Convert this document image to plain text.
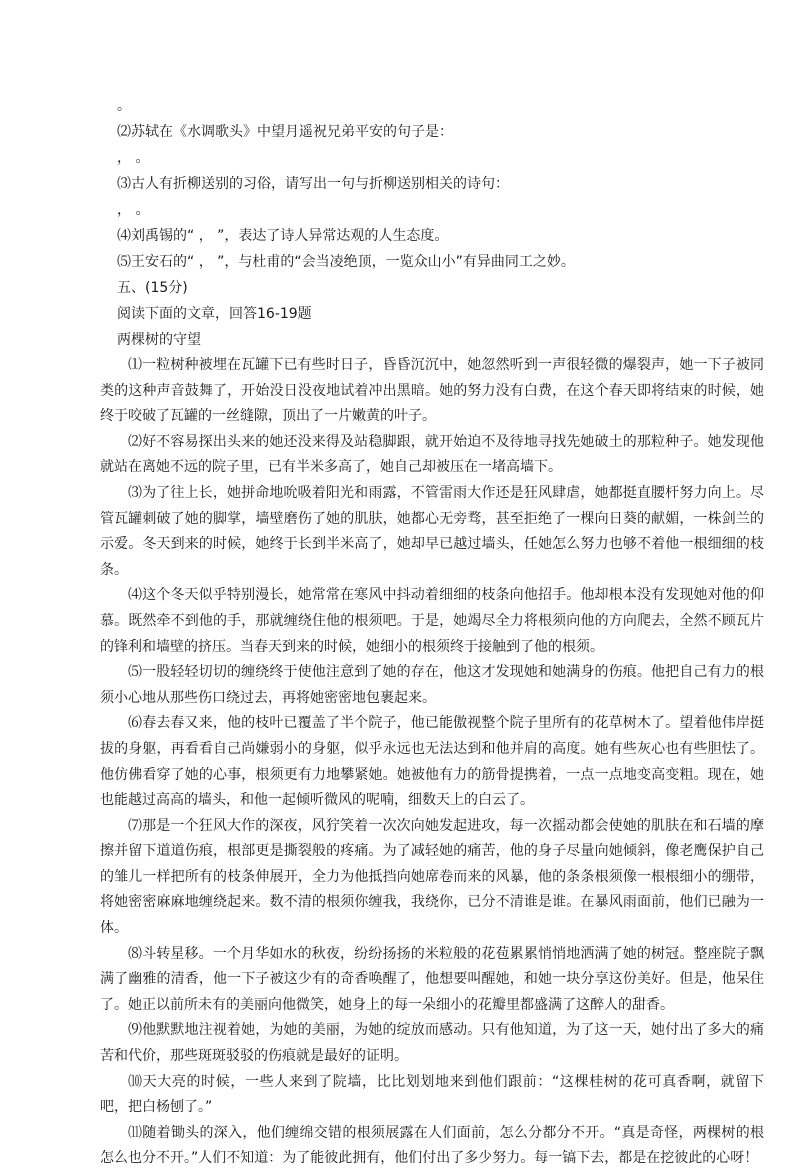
。

⑵苏轼在《水调歌头》中望月遥祝兄弟平安的句子是：

， 。

⑶古人有折柳送别的习俗，请写出一句与折柳送别相关的诗句：

， 。

⑷刘禹锡的“ ， ”，表达了诗人异常达观的人生态度。

⑸王安石的“ ， ”，与杜甫的“会当凌绝顶，一览众山小”有异曲同工之妙。

五、(15分)

阅读下面的文章，回答16-19题

两棵树的守望

⑴一粒树种被埋在瓦罐下已有些时日子，昏昏沉沉中，她忽然听到一声很轻微的爆裂声，她一下子被同类的这种声音鼓舞了，开始没日没夜地试着冲出黑暗。她的努力没有白费，在这个春天即将结束的时候，她终于咬破了瓦罐的一丝缝隙，顶出了一片嫩黄的叶子。

⑵好不容易探出头来的她还没来得及站稳脚跟，就开始迫不及待地寻找先她破土的那粒种子。她发现他就站在离她不远的院子里，已有半米多高了，她自己却被压在一堵高墙下。

⑶为了往上长，她拼命地吮吸着阳光和雨露，不管雷雨大作还是狂风肆虐，她都挺直腰杆努力向上。尽管瓦罐刺破了她的脚掌，墙壁磨伤了她的肌肤，她都心无旁骛，甚至拒绝了一棵向日葵的献媚，一株剑兰的示爱。冬天到来的时候，她终于长到半米高了，她却早已越过墙头，任她怎么努力也够不着他一根细细的枝条。

⑷这个冬天似乎特别漫长，她常常在寒风中抖动着细细的枝条向他招手。他却根本没有发现她对他的仰慕。既然牵不到他的手，那就缠绕住他的根须吧。于是，她竭尽全力将根须向他的方向爬去，全然不顾瓦片的锋利和墙壁的挤压。当春天到来的时候，她细小的根须终于接触到了他的根须。

⑸一股轻轻切切的缠绕终于使他注意到了她的存在，他这才发现她和她满身的伤痕。他把自己有力的根须小心地从那些伤口绕过去，再将她密密地包裹起来。

⑹春去春又来，他的枝叶已覆盖了半个院子，他已能傲视整个院子里所有的花草树木了。望着他伟岸挺拔的身躯，再看看自己尚嫌弱小的身躯，似乎永远也无法达到和他并肩的高度。她有些灰心也有些胆怯了。他仿佛看穿了她的心事，根须更有力地攀紧她。她被他有力的筋骨提携着，一点一点地变高变粗。现在，她也能越过高高的墙头，和他一起倾听微风的呢喃，细数天上的白云了。

⑺那是一个狂风大作的深夜，风狞笑着一次次向她发起进攻，每一次摇动都会使她的肌肤在和石墙的摩擦并留下道道伤痕，根部更是撕裂般的疼痛。为了减轻她的痛苦，他的身子尽量向她倾斜，像老鹰保护自己的雏儿一样把所有的枝条伸展开，全力为他抵挡向她席卷而来的风暴，他的条条根须像一根根细小的绷带，将她密密麻麻地缠绕起来。数不清的根须你缠我，我绕你，已分不清谁是谁。在暴风雨面前，他们已融为一体。

⑻斗转星移。一个月华如水的秋夜，纷纷扬扬的米粒般的花苞累累悄悄地洒满了她的树冠。整座院子飘满了幽雅的清香，他一下子被这少有的奇香唤醒了，他想要叫醒她，和她一块分享这份美好。但是，他呆住了。她正以前所未有的美丽向他微笑，她身上的每一朵细小的花瓣里都盛满了这醉人的甜香。

⑼他默默地注视着她，为她的美丽，为她的绽放而感动。只有他知道，为了这一天，她付出了多大的痛苦和代价，那些斑斑驳驳的伤痕就是最好的证明。

⑽天大亮的时候，一些人来到了院墙，比比划划地来到他们跟前：“这棵桂树的花可真香啊，就留下吧，把白杨刨了。”

⑾随着锄头的深入，他们缠绵交错的根须展露在人们面前，怎么分都分不开。“真是奇怪，两棵树的根怎么也分不开。”人们不知道：为了能彼此拥有，他们付出了多少努力。每一镐下去，都是在挖彼此的心呀！
